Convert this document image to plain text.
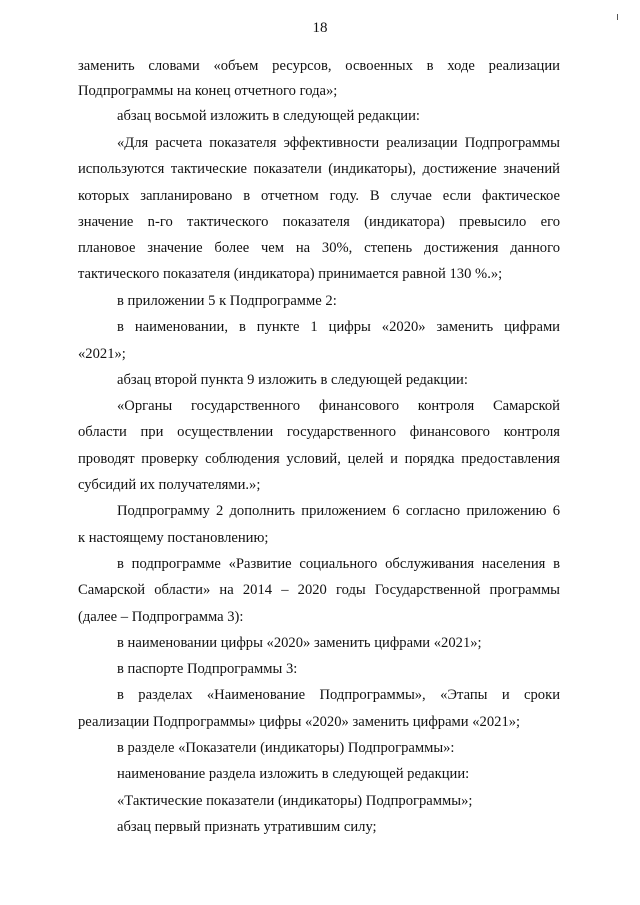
18
заменить словами «объем ресурсов, освоенных в ходе реализации
Подпрограммы на конец отчетного года»;
абзац восьмой изложить в следующей редакции:
«Для расчета показателя эффективности реализации Подпрограммы
используются тактические показатели (индикаторы), достижение значений
которых запланировано в отчетном году. В случае если фактическое
значение n-го тактического показателя (индикатора) превысило его
плановое значение более чем на 30%, степень достижения данного
тактического показателя (индикатора) принимается равной 130 %.»;
в приложении 5 к Подпрограмме 2:
в наименовании, в пункте 1 цифры «2020» заменить цифрами
«2021»;
абзац второй пункта 9 изложить в следующей редакции:
«Органы государственного финансового контроля Самарской
области при осуществлении государственного финансового контроля
проводят проверку соблюдения условий, целей и порядка предоставления
субсидий их получателями.»;
Подпрограмму 2 дополнить приложением 6 согласно приложению 6
к настоящему постановлению;
в подпрограмме «Развитие социального обслуживания населения в
Самарской области» на 2014 – 2020 годы Государственной программы
(далее – Подпрограмма 3):
в наименовании цифры «2020» заменить цифрами «2021»;
в паспорте Подпрограммы 3:
в разделах «Наименование Подпрограммы», «Этапы и сроки
реализации Подпрограммы» цифры «2020» заменить цифрами «2021»;
в разделе «Показатели (индикаторы) Подпрограммы»:
наименование раздела изложить в следующей редакции:
«Тактические показатели (индикаторы) Подпрограммы»;
абзац первый признать утратившим силу;
